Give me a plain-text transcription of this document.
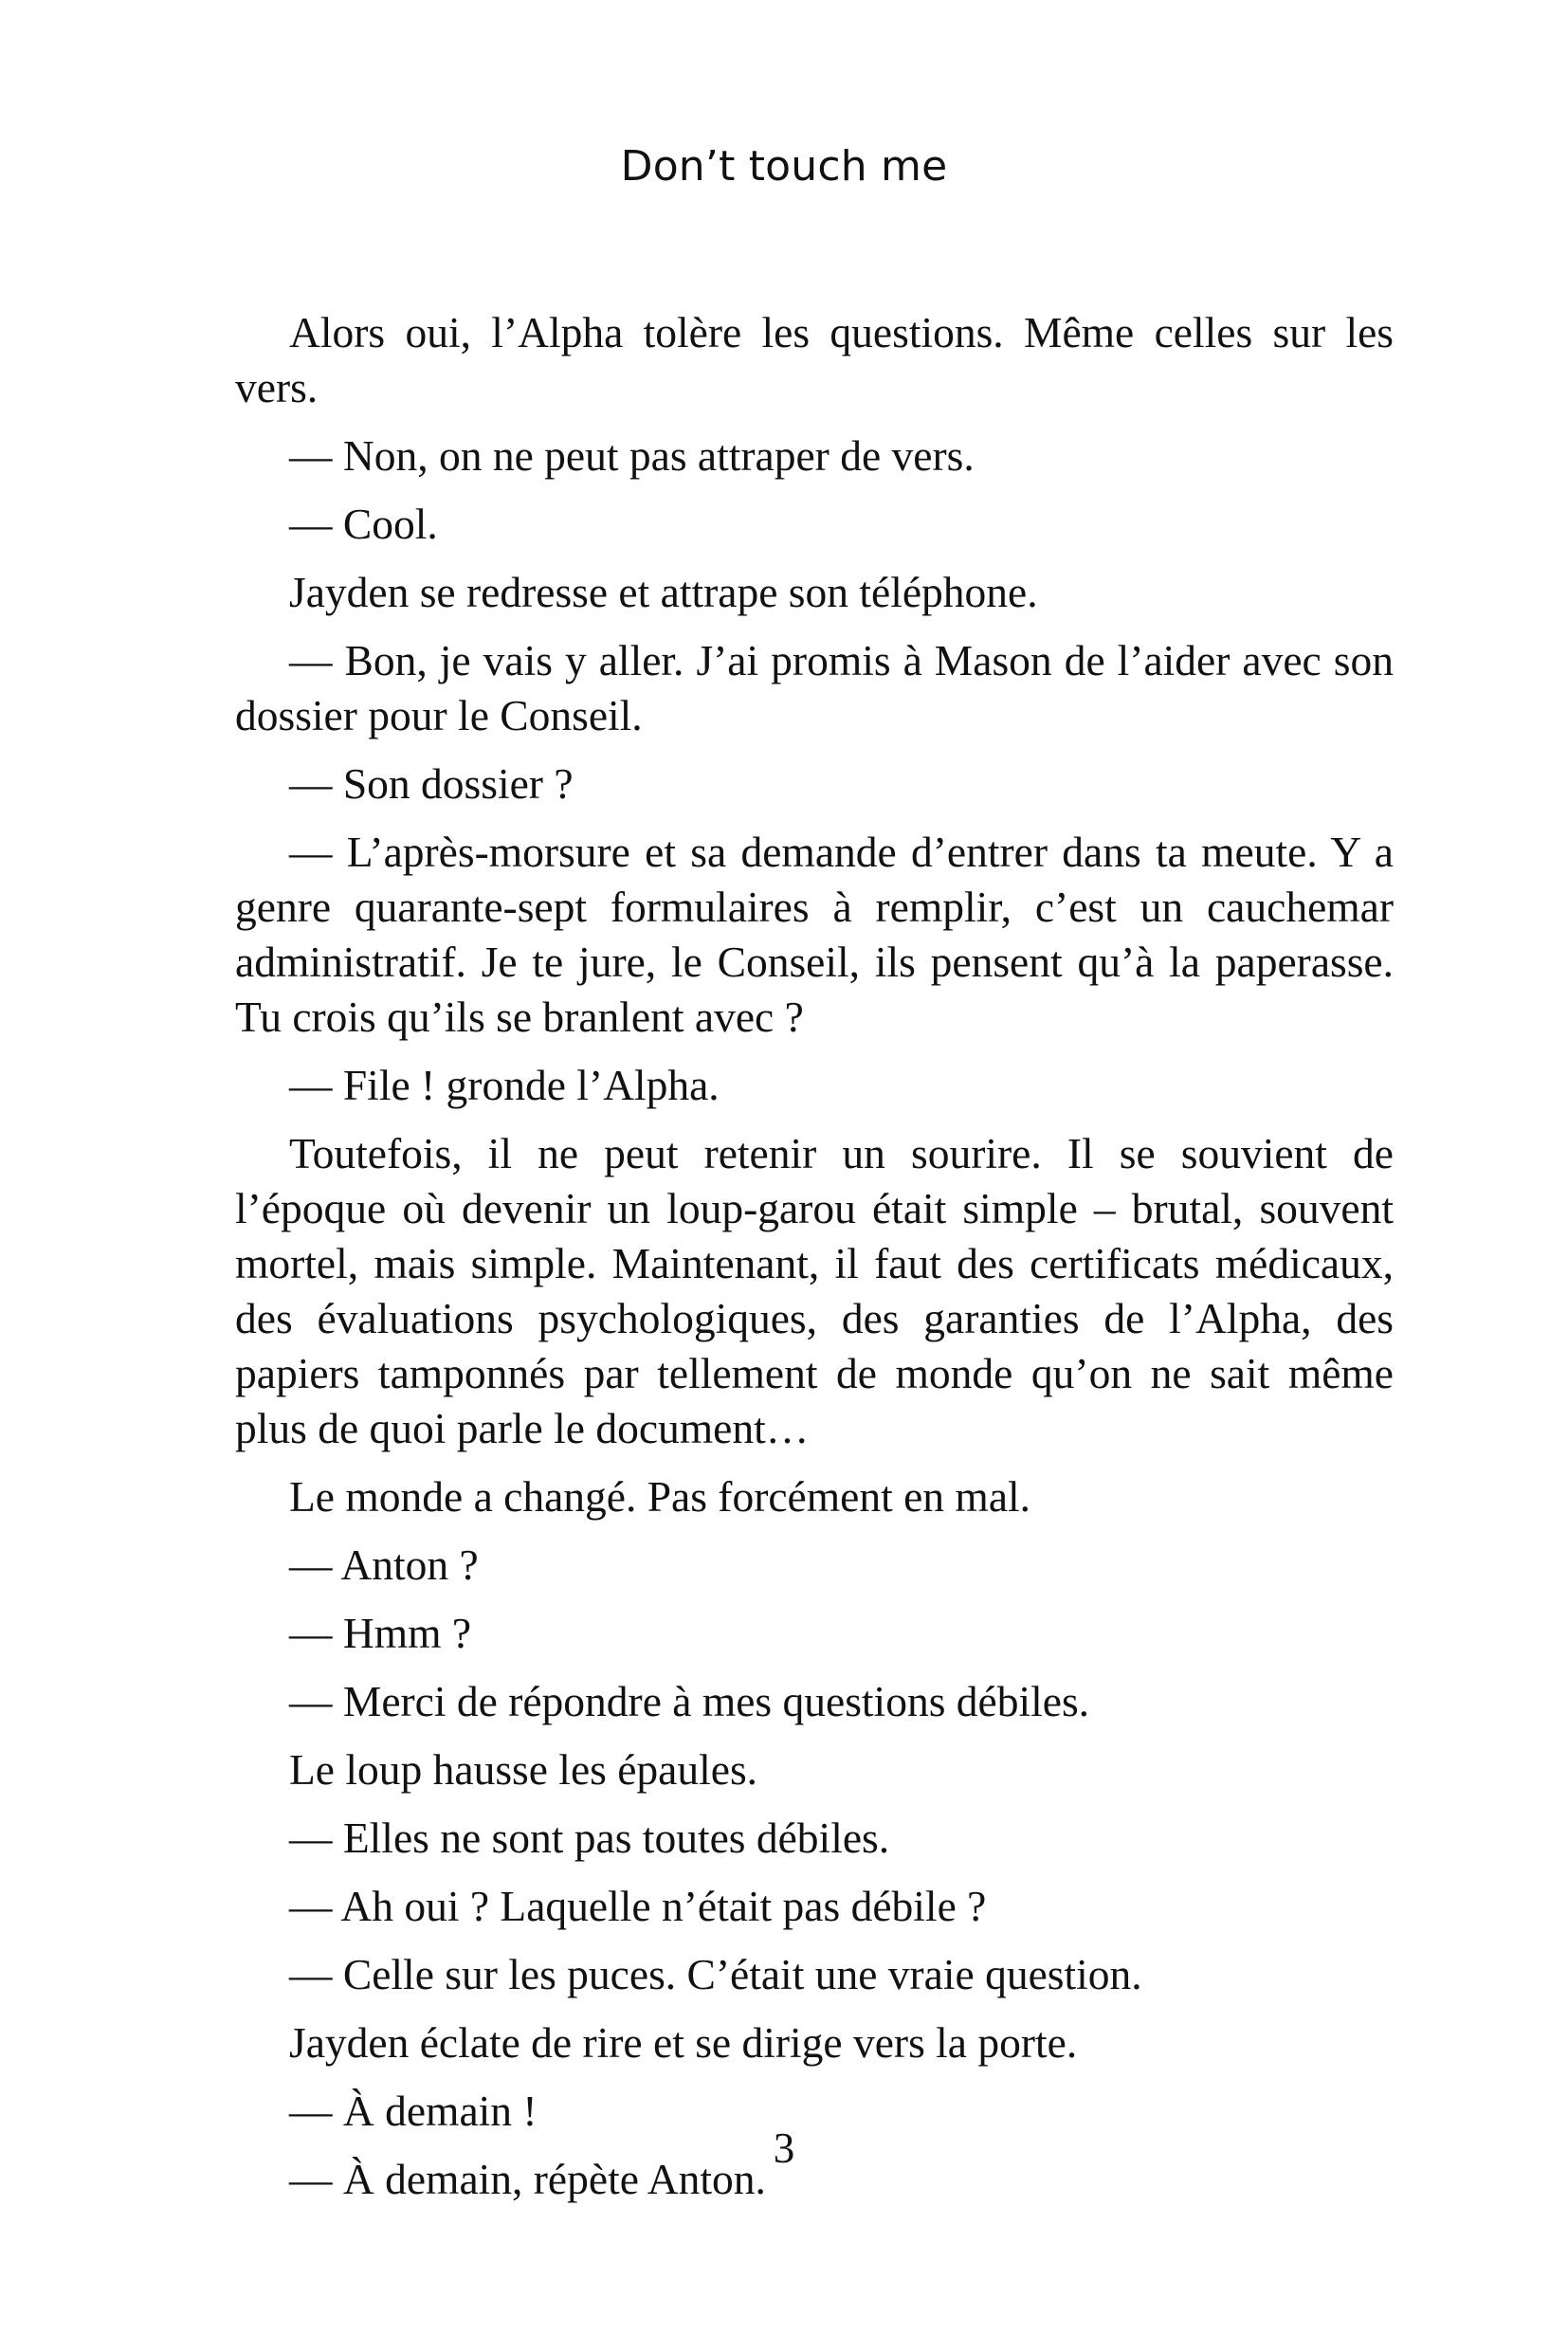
Don’t touch me

Alors oui, l’Alpha tolère les questions. Même celles sur les vers.

— Non, on ne peut pas attraper de vers.

— Cool.

Jayden se redresse et attrape son téléphone.

— Bon, je vais y aller. J’ai promis à Mason de l’aider avec son dossier pour le Conseil.

— Son dossier ?

— L’après-morsure et sa demande d’entrer dans ta meute. Y a genre quarante-sept formulaires à remplir, c’est un cauchemar administratif. Je te jure, le Conseil, ils pensent qu’à la paperasse. Tu crois qu’ils se branlent avec ?

— File ! gronde l’Alpha.

Toutefois, il ne peut retenir un sourire. Il se souvient de l’époque où devenir un loup-garou était simple – brutal, souvent mortel, mais simple. Maintenant, il faut des certificats médicaux, des évaluations psychologiques, des garanties de l’Alpha, des papiers tamponnés par tellement de monde qu’on ne sait même plus de quoi parle le document…

Le monde a changé. Pas forcément en mal.

— Anton ?

— Hmm ?

— Merci de répondre à mes questions débiles.

Le loup hausse les épaules.

— Elles ne sont pas toutes débiles.

— Ah oui ? Laquelle n’était pas débile ?

— Celle sur les puces. C’était une vraie question.

Jayden éclate de rire et se dirige vers la porte.

— À demain !

— À demain, répète Anton.

3
